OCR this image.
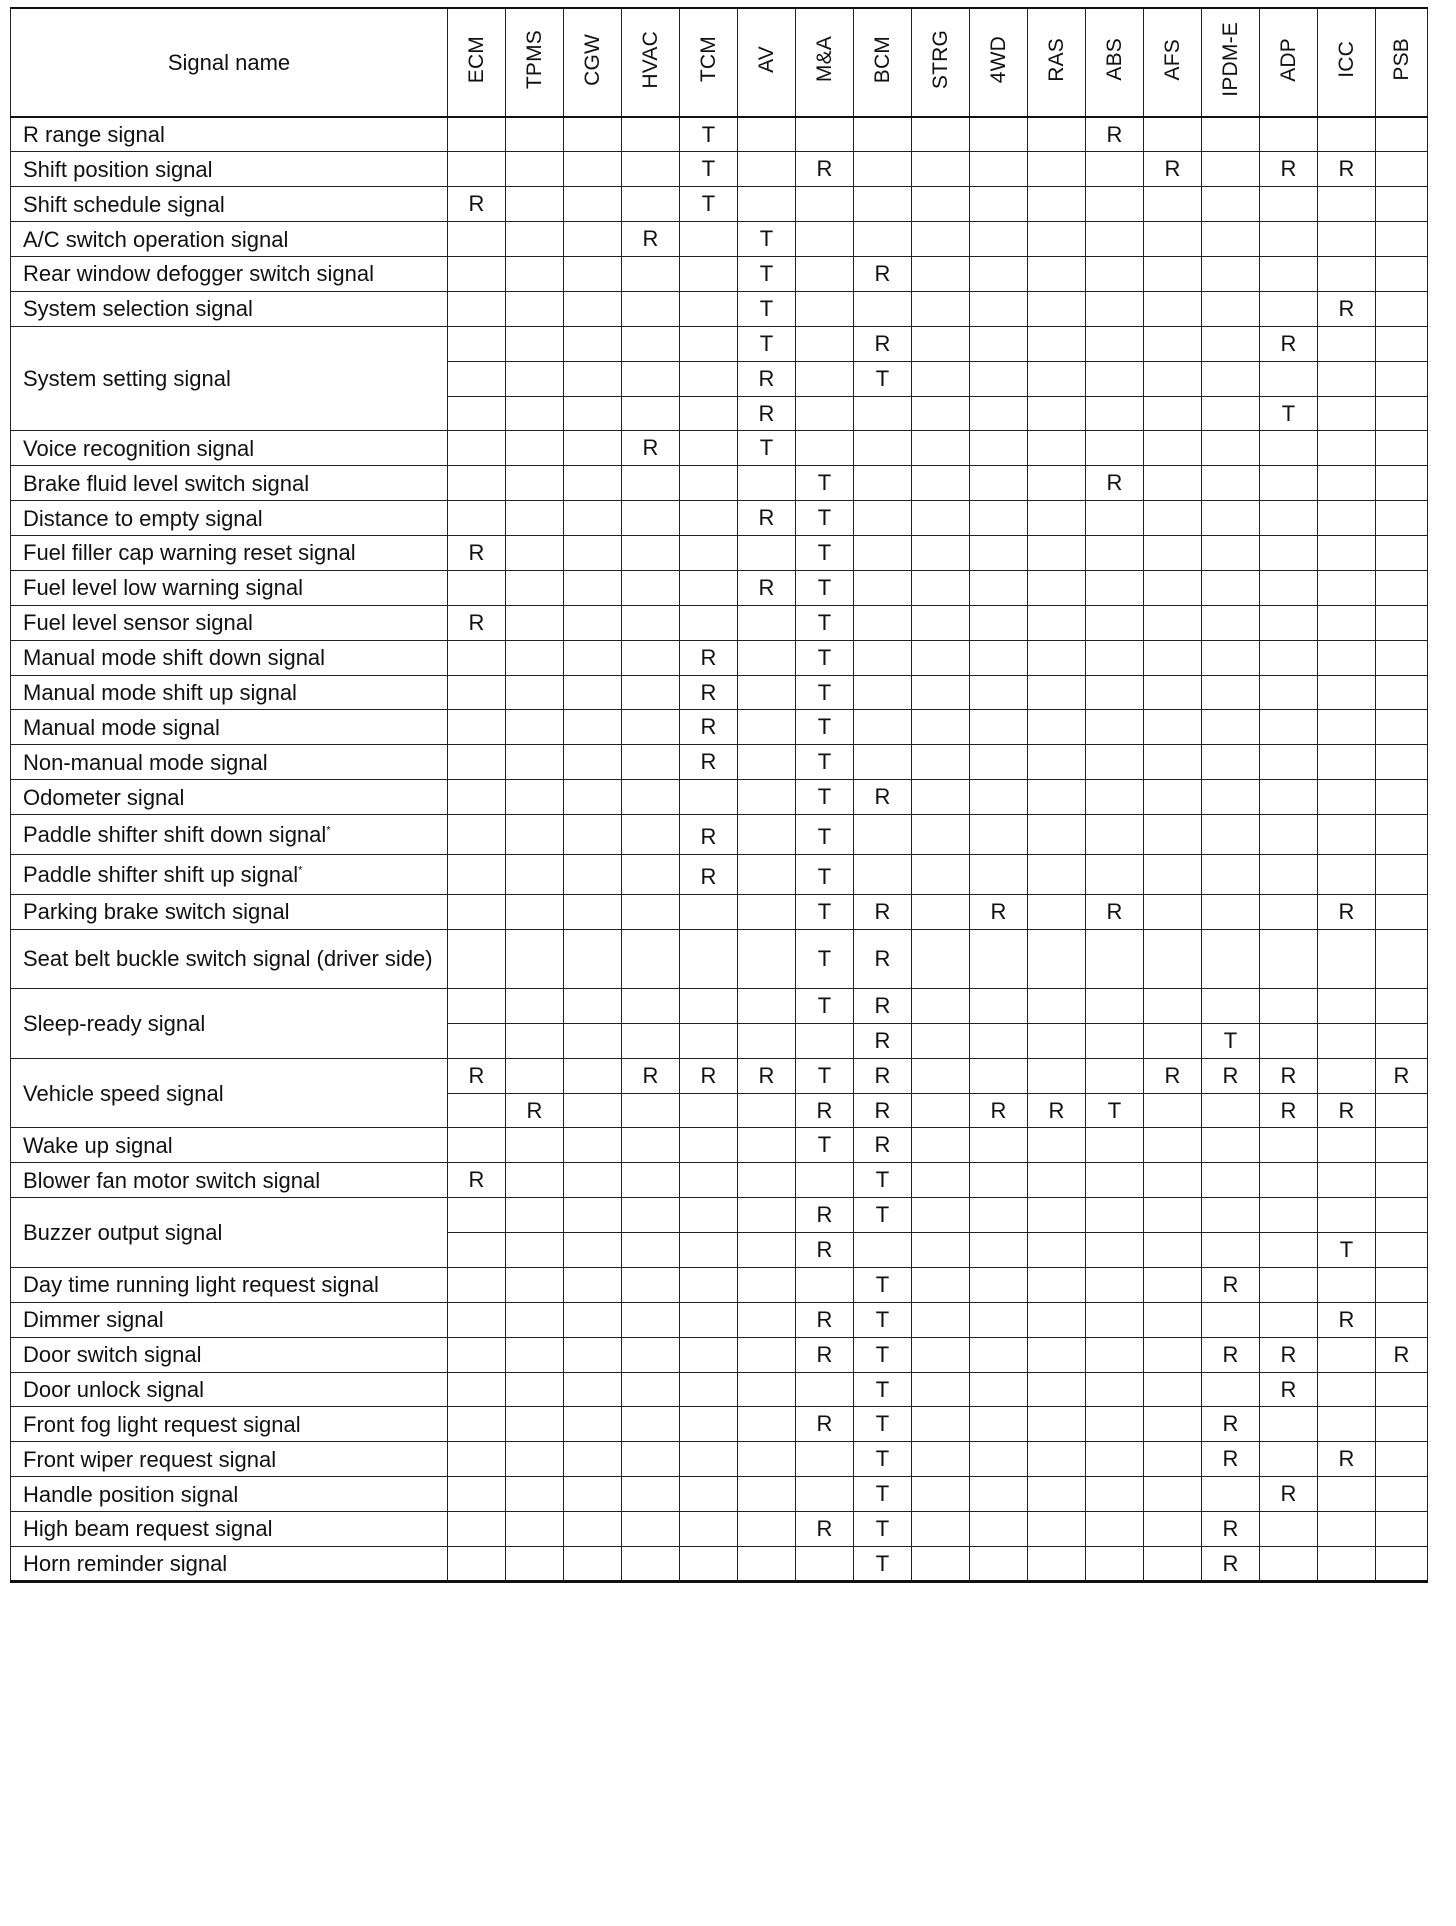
Signal name	ECM	TPMS	CGW	HVAC	TCM	AV	M&A	BCM	STRG	4WD	RAS	ABS	AFS	IPDM-E	ADP	ICC	PSB
R range signal					T							R					
Shift position signal					T		R						R		R	R	
Shift schedule signal	R				T												
A/C switch operation signal				R		T											
Rear window defogger switch signal						T		R									
System selection signal						T										R	
System setting signal						T		R							R		
						R		T									
						R									T		
Voice recognition signal				R		T											
Brake fluid level switch signal							T					R					
Distance to empty signal						R	T										
Fuel filler cap warning reset signal	R						T										
Fuel level low warning signal						R	T										
Fuel level sensor signal	R						T										
Manual mode shift down signal					R		T										
Manual mode shift up signal					R		T										
Manual mode signal					R		T										
Non-manual mode signal					R		T										
Odometer signal							T	R									
Paddle shifter shift down signal*					R		T										
Paddle shifter shift up signal*					R		T										
Parking brake switch signal							T	R		R		R				R	
Seat belt buckle switch signal (driver side)							T	R									
Sleep-ready signal							T	R									
								R						T			
Vehicle speed signal	R			R	R	R	T	R					R	R	R		R
		R					R	R		R	R	T			R	R	
Wake up signal							T	R									
Blower fan motor switch signal	R							T									
Buzzer output signal							R	T									
							R									T	
Day time running light request signal								T						R			
Dimmer signal							R	T								R	
Door switch signal							R	T						R	R		R
Door unlock signal								T							R		
Front fog light request signal							R	T						R			
Front wiper request signal								T						R		R	
Handle position signal								T							R		
High beam request signal							R	T						R			
Horn reminder signal								T						R			
